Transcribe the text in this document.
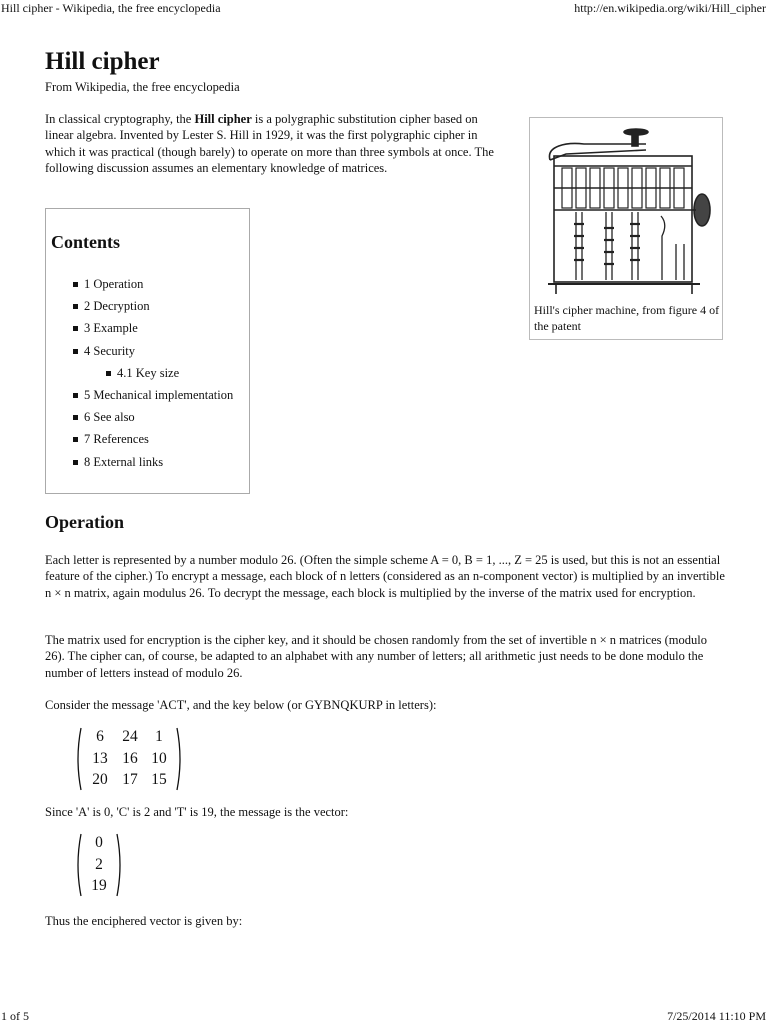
Hill cipher - Wikipedia, the free encyclopedia	http://en.wikipedia.org/wiki/Hill_cipher
Hill cipher
From Wikipedia, the free encyclopedia
In classical cryptography, the Hill cipher is a polygraphic substitution cipher based on linear algebra. Invented by Lester S. Hill in 1929, it was the first polygraphic cipher in which it was practical (though barely) to operate on more than three symbols at once. The following discussion assumes an elementary knowledge of matrices.
Hill's cipher machine, from figure 4 of the patent
Contents
1 Operation
2 Decryption
3 Example
4 Security
4.1 Key size
5 Mechanical implementation
6 See also
7 References
8 External links
Operation
Each letter is represented by a number modulo 26. (Often the simple scheme A = 0, B = 1, ..., Z = 25 is used, but this is not an essential feature of the cipher.) To encrypt a message, each block of n letters (considered as an n-component vector) is multiplied by an invertible n × n matrix, again modulus 26. To decrypt the message, each block is multiplied by the inverse of the matrix used for encryption.
The matrix used for encryption is the cipher key, and it should be chosen randomly from the set of invertible n × n matrices (modulo 26). The cipher can, of course, be adapted to an alphabet with any number of letters; all arithmetic just needs to be done modulo the number of letters instead of modulo 26.
Consider the message 'ACT', and the key below (or GYBNQKURP in letters):
6	24	1
13 16 10
20 17 15
Since 'A' is 0, 'C' is 2 and 'T' is 19, the message is the vector:
0
2
19
Thus the enciphered vector is given by:
1 of 5	7/25/2014 11:10 PM
